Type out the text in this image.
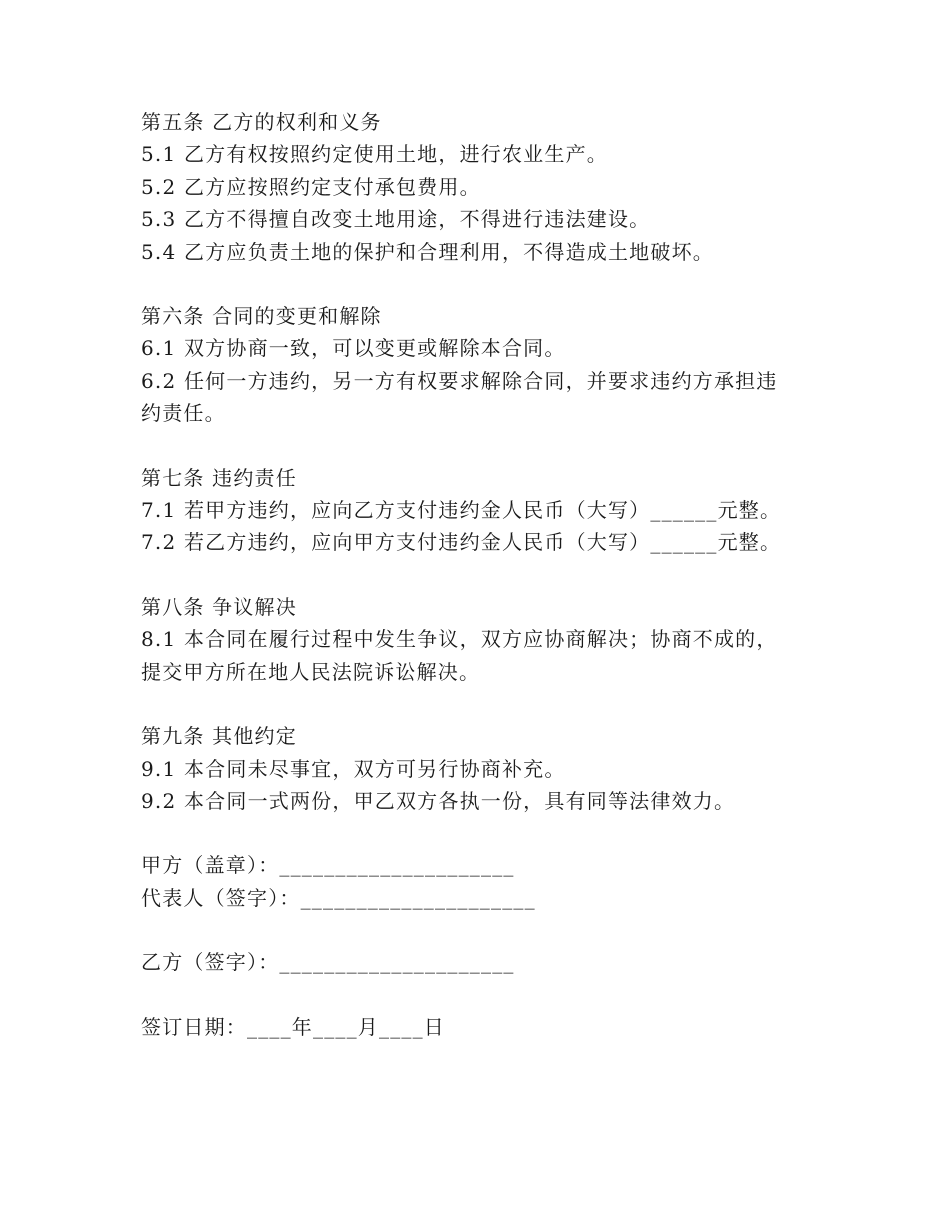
第五条 乙方的权利和义务
5.1 乙方有权按照约定使用土地，进行农业生产。
5.2 乙方应按照约定支付承包费用。
5.3 乙方不得擅自改变土地用途，不得进行违法建设。
5.4 乙方应负责土地的保护和合理利用，不得造成土地破坏。
第六条 合同的变更和解除
6.1 双方协商一致，可以变更或解除本合同。
6.2 任何一方违约，另一方有权要求解除合同，并要求违约方承担违
约责任。
第七条 违约责任
7.1 若甲方违约，应向乙方支付违约金人民币（大写）______元整。
7.2 若乙方违约，应向甲方支付违约金人民币（大写）______元整。
第八条 争议解决
8.1 本合同在履行过程中发生争议，双方应协商解决；协商不成的，
提交甲方所在地人民法院诉讼解决。
第九条 其他约定
9.1 本合同未尽事宜，双方可另行协商补充。
9.2 本合同一式两份，甲乙双方各执一份，具有同等法律效力。
甲方（盖章）：_____________________
代表人（签字）：_____________________
乙方（签字）：_____________________
签订日期：____年____月____日
